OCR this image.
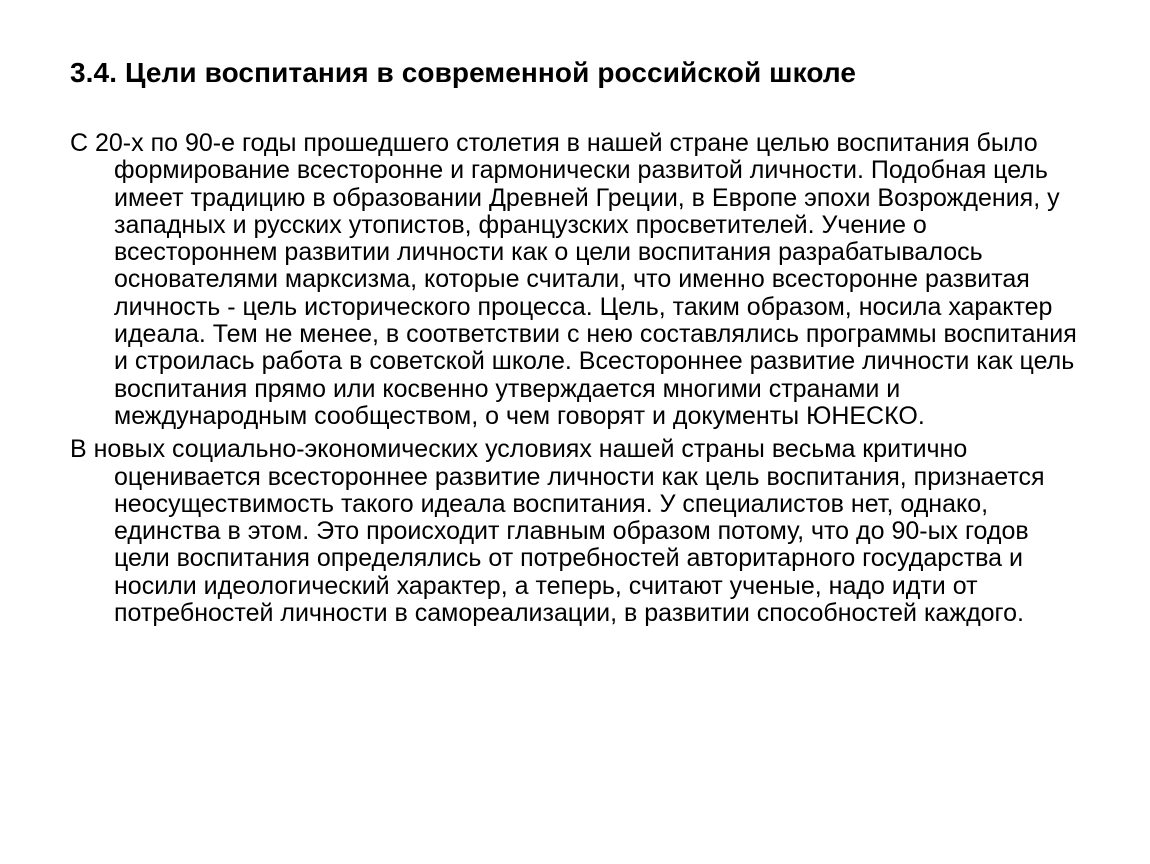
3.4. Цели воспитания в современной российской школе

С 20-х по 90-е годы прошедшего столетия в нашей стране целью воспитания было формирование всесторонне и гармонически развитой личности. Подобная цель имеет традицию в образовании Древней Греции, в Европе эпохи Возрождения, у западных и русских утопистов, французских просветителей. Учение о всестороннем развитии личности как о цели воспитания разрабатывалось основателями марксизма, которые считали, что именно всесторонне развитая личность - цель исторического процесса. Цель, таким образом, носила характер идеала. Тем не менее, в соответствии с нею составлялись программы воспитания и строилась работа в советской школе. Всестороннее развитие личности как цель воспитания прямо или косвенно утверждается многими странами и международным сообществом, о чем говорят и документы ЮНЕСКО.

В новых социально-экономических условиях нашей страны весьма критично оценивается всестороннее развитие личности как цель воспитания, признается неосуществимость такого идеала воспитания. У специалистов нет, однако, единства в этом. Это происходит главным образом потому, что до 90-ых годов цели воспитания определялись от потребностей авторитарного государства и носили идеологический характер, а теперь, считают ученые, надо идти от потребностей личности в самореализации, в развитии способностей каждого.
